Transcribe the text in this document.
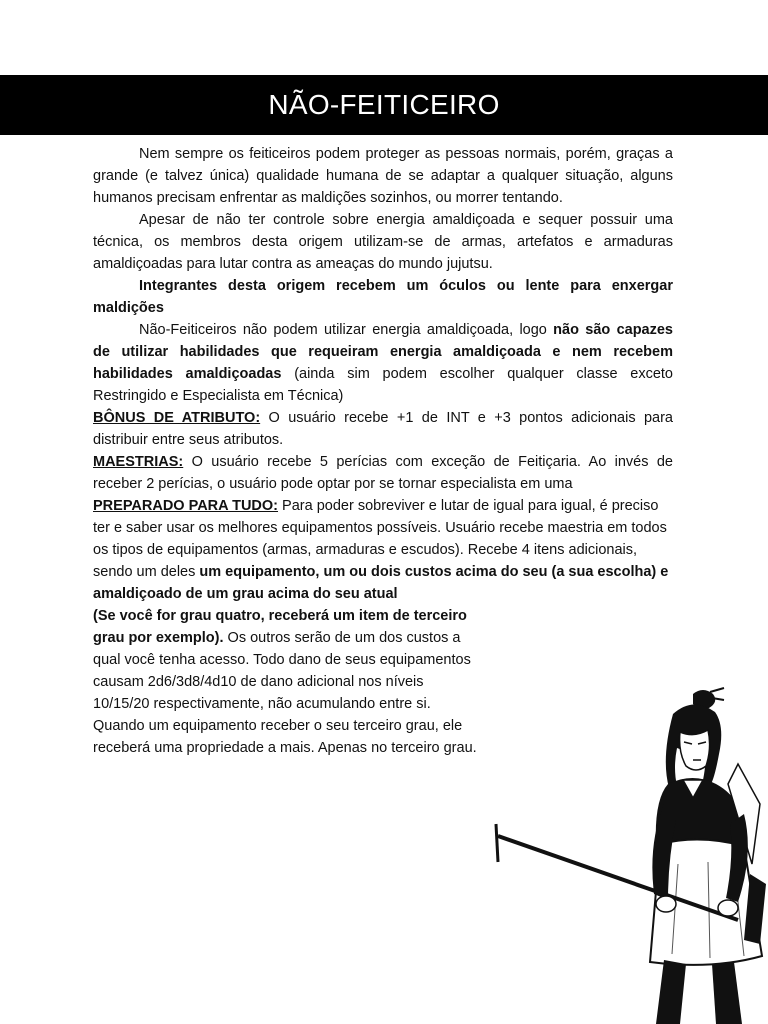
NÃO-FEITICEIRO

Nem sempre os feiticeiros podem proteger as pessoas normais, porém, graças a grande (e talvez única) qualidade humana de se adaptar a qualquer situação, alguns humanos precisam enfrentar as maldições sozinhos, ou morrer tentando.

Apesar de não ter controle sobre energia amaldiçoada e sequer possuir uma técnica, os membros desta origem utilizam-se de armas, artefatos e armaduras amaldiçoadas para lutar contra as ameaças do mundo jujutsu.

Integrantes desta origem recebem um óculos ou lente para enxergar maldições

Não-Feiticeiros não podem utilizar energia amaldiçoada, logo não são capazes de utilizar habilidades que requeiram energia amaldiçoada e nem recebem habilidades amaldiçoadas (ainda sim podem escolher qualquer classe exceto Restringido e Especialista em Técnica)

BÔNUS DE ATRIBUTO: O usuário recebe +1 de INT e +3 pontos adicionais para distribuir entre seus atributos.

MAESTRIAS: O usuário recebe 5 perícias com exceção de Feitiçaria. Ao invés de receber 2 perícias, o usuário pode optar por se tornar especialista em uma

PREPARADO PARA TUDO: Para poder sobreviver e lutar de igual para igual, é preciso ter e saber usar os melhores equipamentos possíveis. Usuário recebe maestria em todos os tipos de equipamentos (armas, armaduras e escudos). Recebe 4 itens adicionais, sendo um deles um equipamento, um ou dois custos acima do seu (a sua escolha) e amaldiçoado de um grau acima do seu atual

(Se você for grau quatro, receberá um item de terceiro grau por exemplo). Os outros serão de um dos custos a qual você tenha acesso. Todo dano de seus equipamentos causam 2d6/3d8/4d10 de dano adicional nos níveis 10/15/20 respectivamente, não acumulando entre si. Quando um equipamento receber o seu terceiro grau, ele receberá uma propriedade a mais. Apenas no terceiro grau.
